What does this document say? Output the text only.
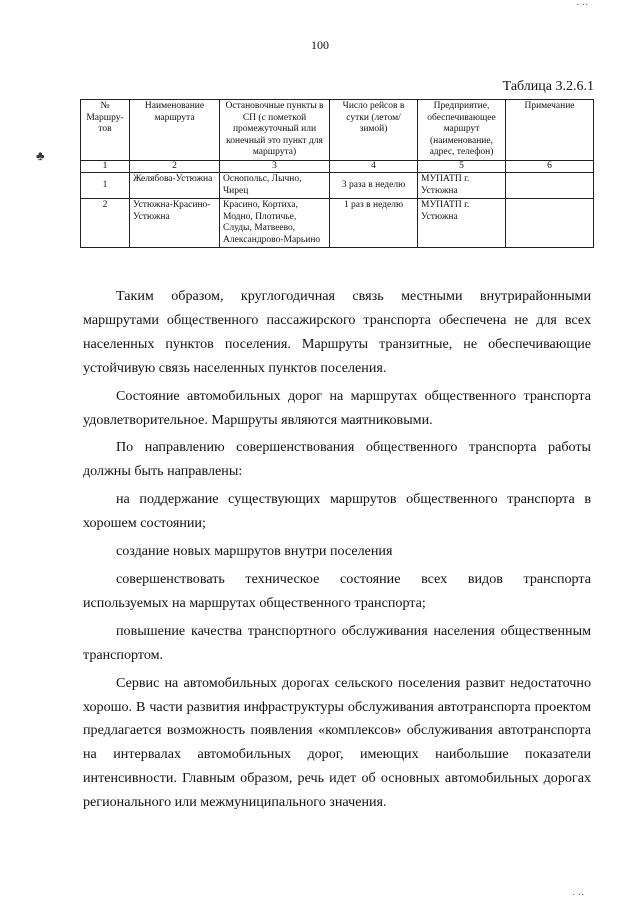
· ··
100
Таблица 3.2.6.1
♣
№ Маршру- тов	Наименование маршрута	Остановочные пункты в СП (с пометкой промежуточный или конечный это пункт для маршрута)	Число рейсов в сутки (летом/зимой)	Предприятие, обеспечивающее маршрут (наименование, адрес, телефон)	Примечание
1	2	3	4	5	6
1	Желябова-Устюжна	Оснопольс, Лычно, Чирец	3 раза в неделю	МУПАТП г. Устюжна	
2	Устюжна-Красино-Устюжна	Красино, Кортиха, Модно, Плотичье, Слуды, Матвеево, Александрово-Марьино	1 раз в неделю	МУПАТП г. Устюжна	

Таким образом, круглогодичная связь местными внутрирайонными маршрутами общественного пассажирского транспорта обеспечена не для всех населенных пунктов поселения. Маршруты транзитные, не обеспечивающие устойчивую связь населенных пунктов поселения.

Состояние автомобильных дорог на маршрутах общественного транспорта удовлетворительное. Маршруты являются маятниковыми.

По направлению совершенствования общественного транспорта работы должны быть направлены:

на поддержание существующих маршрутов общественного транспорта в хорошем состоянии;

создание новых маршрутов внутри поселения

совершенствовать техническое состояние всех видов транспорта используемых на маршрутах общественного транспорта;

повышение качества транспортного обслуживания населения общественным транспортом.

Сервис на автомобильных дорогах сельского поселения развит недостаточно хорошо. В части развития инфраструктуры обслуживания автотранспорта проектом предлагается возможность появления «комплексов» обслуживания автотранспорта на интервалах автомобильных дорог, имеющих наибольшие показатели интенсивности. Главным образом, речь идет об основных автомобильных дорогах регионального или межмуниципального значения.

· ··
